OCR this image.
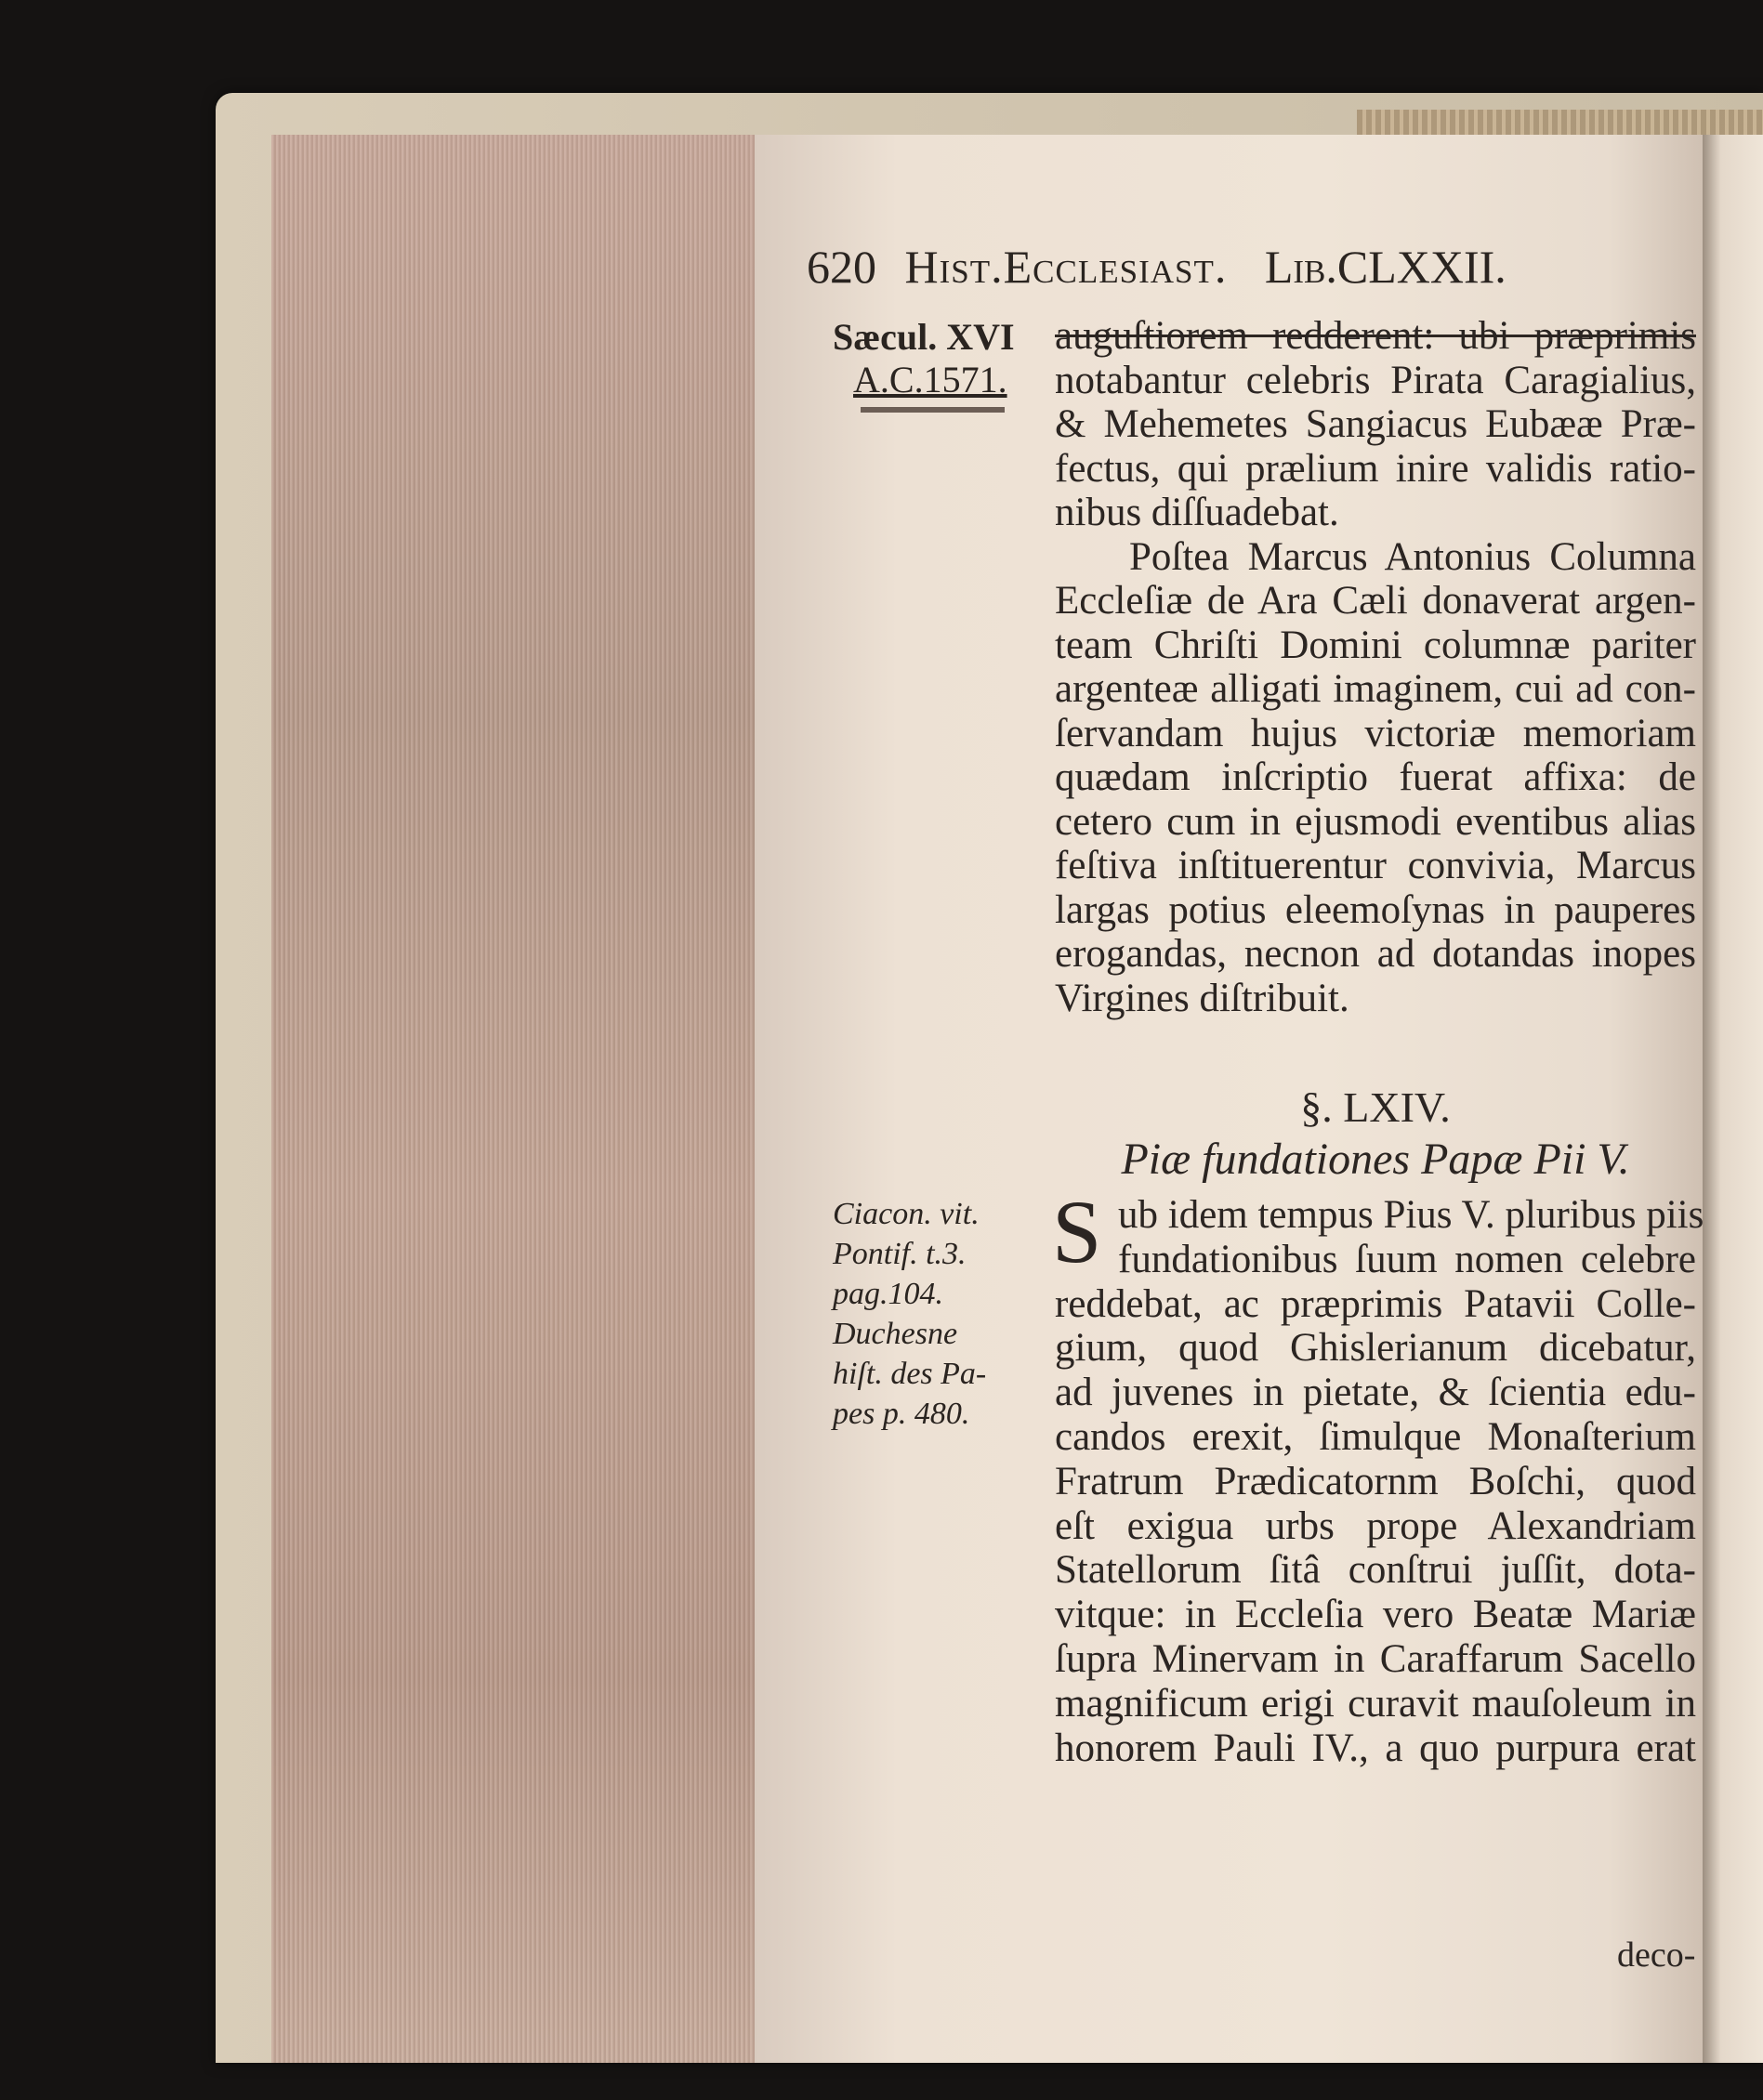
620 Hist.Ecclesiast. Lib.CLXXII.
Sæcul. XVI
A.C.1571.
auguſtiorem redderent: ubi præprimis
notabantur celebris Pirata Caragialius,
& Mehemetes Sangiacus Eubææ Præ-
fectus, qui prælium inire validis ratio-
nibus diſſuadebat.
Poſtea Marcus Antonius Columna
Eccleſiæ de Ara Cæli donaverat argen-
team Chriſti Domini columnæ pariter
argenteæ alligati imaginem, cui ad con-
ſervandam hujus victoriæ memoriam
quædam inſcriptio fuerat affixa: de
cetero cum in ejusmodi eventibus alias
feſtiva inſtituerentur convivia, Marcus
largas potius eleemoſynas in pauperes
erogandas, necnon ad dotandas inopes
Virgines diſtribuit.
§. LXIV.
Piæ fundationes Papæ Pii V.
Ciacon. vit.
Pontif. t.3.
pag.104.
Duchesne
hiſt. des Pa-
pes p. 480.
S ub idem tempus Pius V. pluribus piis
fundationibus ſuum nomen celebre
reddebat, ac præprimis Patavii Colle-
gium, quod Ghislerianum dicebatur,
ad juvenes in pietate, & ſcientia edu-
candos erexit, ſimulque Monaſterium
Fratrum Prædicatornm Boſchi, quod
eſt exigua urbs prope Alexandriam
Statellorum ſitâ conſtrui juſſit, dota-
vitque: in Eccleſia vero Beatæ Mariæ
ſupra Minervam in Caraffarum Sacello
magnificum erigi curavit mauſoleum in
honorem Pauli IV., a quo purpura erat
deco-
